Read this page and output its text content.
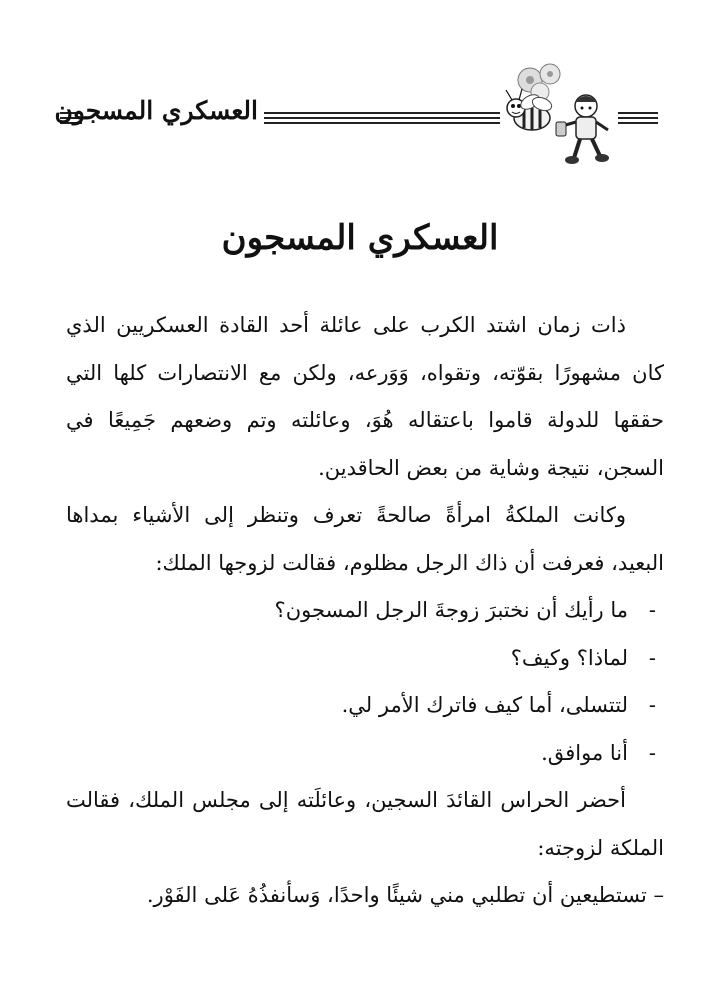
العسكري المسجون
العسكري المسجون

ذات زمان اشتد الكرب على عائلة أحد القادة العسكريين الذي كان مشهورًا بقوّته، وتقواه، وَوَرعه، ولكن مع الانتصارات كلها التي حققها للدولة قاموا باعتقاله هُوَ، وعائلته وتم وضعهم جَمِيعًا في السجن، نتيجة وشاية من بعض الحاقدين.

وكانت الملكةُ امرأةً صالحةً تعرف وتنظر إلى الأشياء بمداها البعيد، فعرفت أن ذاك الرجل مظلوم، فقالت لزوجها الملك:

-ما رأيك أن نختبرَ زوجةَ الرجل المسجون؟

-لماذا؟ وكيف؟

-لتتسلى، أما كيف فاترك الأمر لي.

-أنا موافق.

أحضر الحراس القائدَ السجين، وعائلَته إلى مجلس الملك، فقالت الملكة لزوجته:

– تستطيعين أن تطلبي مني شيئًا واحدًا، وَسأنفذُهُ عَلى الفَوْر.
